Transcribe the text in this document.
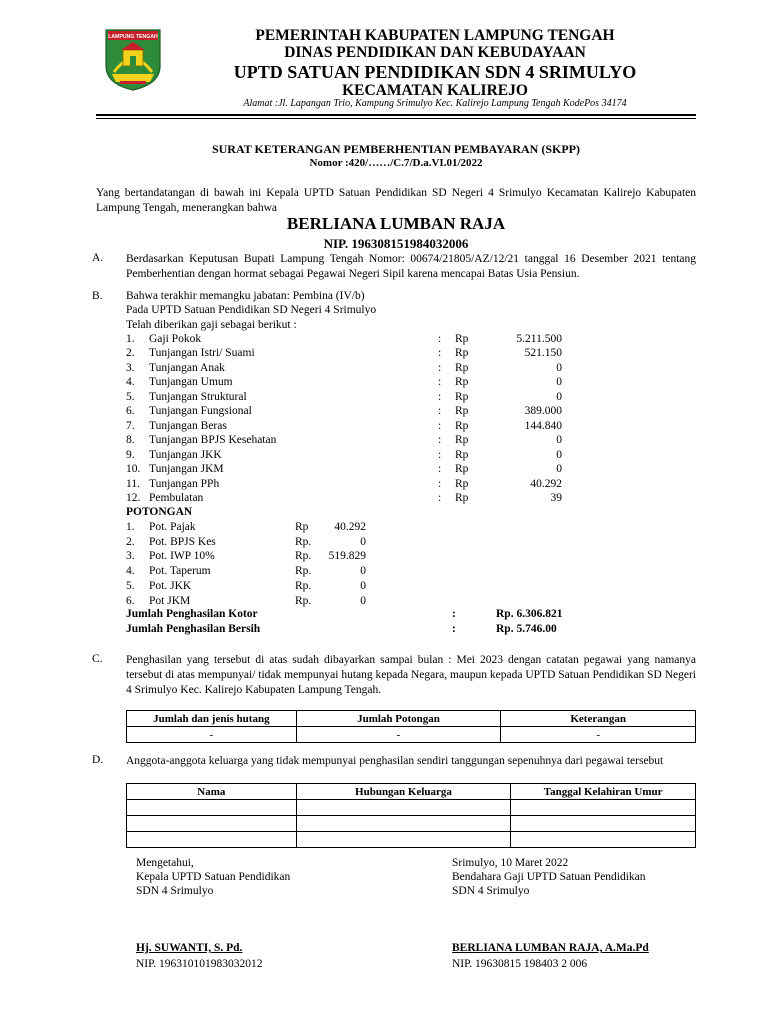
LAMPUNG TENGAH	PEMERINTAH KABUPATEN LAMPUNG TENGAH
DINAS PENDIDIKAN DAN KEBUDAYAAN
UPTD SATUAN PENDIDIKAN SDN 4 SRIMULYO
KECAMATAN KALIREJO
Alamat :Jl. Lapangan Trio, Kampung Srimulyo Kec. Kalirejo Lampung Tengah KodePos 34174
SURAT KETERANGAN PEMBERHENTIAN PEMBAYARAN (SKPP)
Nomor :420/……/C.7/D.a.VI.01/2022
Yang bertandatangan di bawah ini Kepala UPTD Satuan Pendidikan SD Negeri 4 Srimulyo Kecamatan Kalirejo Kabupaten Lampung Tengah, menerangkan bahwa
BERLIANA LUMBAN RAJA
NIP. 196308151984032006
A. Berdasarkan Keputusan Bupati Lampung Tengah Nomor: 00674/21805/AZ/12/21 tanggal 16 Desember 2021 tentang Pemberhentian dengan hormat sebagai Pegawai Negeri Sipil karena mencapai Batas Usia Pensiun.
B. Bahwa terakhir memangku jabatan: Pembina (IV/b)
Pada UPTD Satuan Pendidikan SD Negeri 4 Srimulyo
Telah diberikan gaji sebagai berikut :
1. Gaji Pokok	: Rp	5.211.500
2. Tunjangan Istri/ Suami	: Rp	521.150
3. Tunjangan Anak	: Rp	0
4. Tunjangan Umum	: Rp	0
5. Tunjangan Struktural	: Rp	0
6. Tunjangan Fungsional	: Rp	389.000
7. Tunjangan Beras	: Rp	144.840
8. Tunjangan BPJS Kesehatan	: Rp	0
9. Tunjangan JKK	: Rp	0
10. Tunjangan JKM	: Rp	0
11. Tunjangan PPh	: Rp	40.292
12. Pembulatan	: Rp	39
POTONGAN
1. Pot. Pajak	Rp	40.292
2. Pot. BPJS Kes	Rp.	0
3. Pot. IWP 10%	Rp.	519.829
4. Pot. Taperum	Rp.	0
5. Pot. JKK	Rp.	0
6. Pot JKM	Rp.	0
Jumlah Penghasilan Kotor	:	Rp. 6.306.821
Jumlah Penghasilan Bersih	:	Rp. 5.746.00
C. Penghasilan yang tersebut di atas sudah dibayarkan sampai bulan : Mei 2023 dengan catatan pegawai yang namanya tersebut di atas mempunyai/ tidak mempunyai hutang kepada Negara, maupun kepada UPTD Satuan Pendidikan SD Negeri 4 Srimulyo Kec. Kalirejo Kabupaten Lampung Tengah.
Jumlah dan jenis hutang	Jumlah Potongan	Keterangan
-	-	-
D. Anggota-anggota keluarga yang tidak mempunyai penghasilan sendiri tanggungan sepenuhnya dari pegawai tersebut
Nama	Hubungan Keluarga	Tanggal Kelahiran Umur

Mengetahui,
Kepala UPTD Satuan Pendidikan
SDN 4 Srimulyo
Hj. SUWANTI, S. Pd.
NIP. 196310101983032012
Srimulyo, 10 Maret 2022
Bendahara Gaji UPTD Satuan Pendidikan
SDN 4 Srimulyo
BERLIANA LUMBAN RAJA, A.Ma.Pd
NIP. 19630815 198403 2 006
